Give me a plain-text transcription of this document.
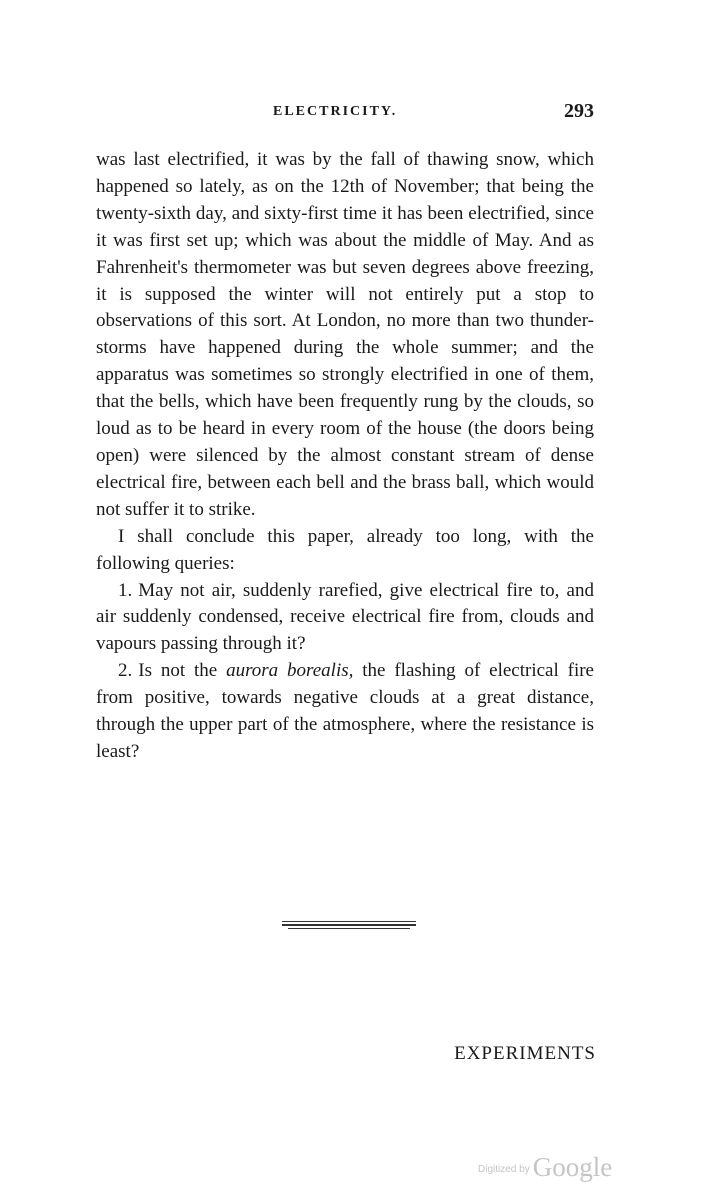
ELECTRICITY.	293

was last electrified, it was by the fall of thawing snow, which happened so lately, as on the 12th of November; that being the twenty-sixth day, and sixty-first time it has been electrified, since it was first set up; which was about the middle of May. And as Fahrenheit's thermometer was but seven degrees above freezing, it is supposed the winter will not entirely put a stop to observations of this sort. At London, no more than two thunder-storms have happened during the whole summer; and the apparatus was sometimes so strongly electrified in one of them, that the bells, which have been frequently rung by the clouds, so loud as to be heard in every room of the house (the doors being open) were silenced by the almost constant stream of dense electrical fire, between each bell and the brass ball, which would not suffer it to strike.

I shall conclude this paper, already too long, with the following queries:

1. May not air, suddenly rarefied, give electrical fire to, and air suddenly condensed, receive electrical fire from, clouds and vapours passing through it?

2. Is not the aurora borealis, the flashing of electrical fire from positive, towards negative clouds at a great distance, through the upper part of the atmosphere, where the resistance is least?

EXPERIMENTS
$^{Digitized by}$ Google
